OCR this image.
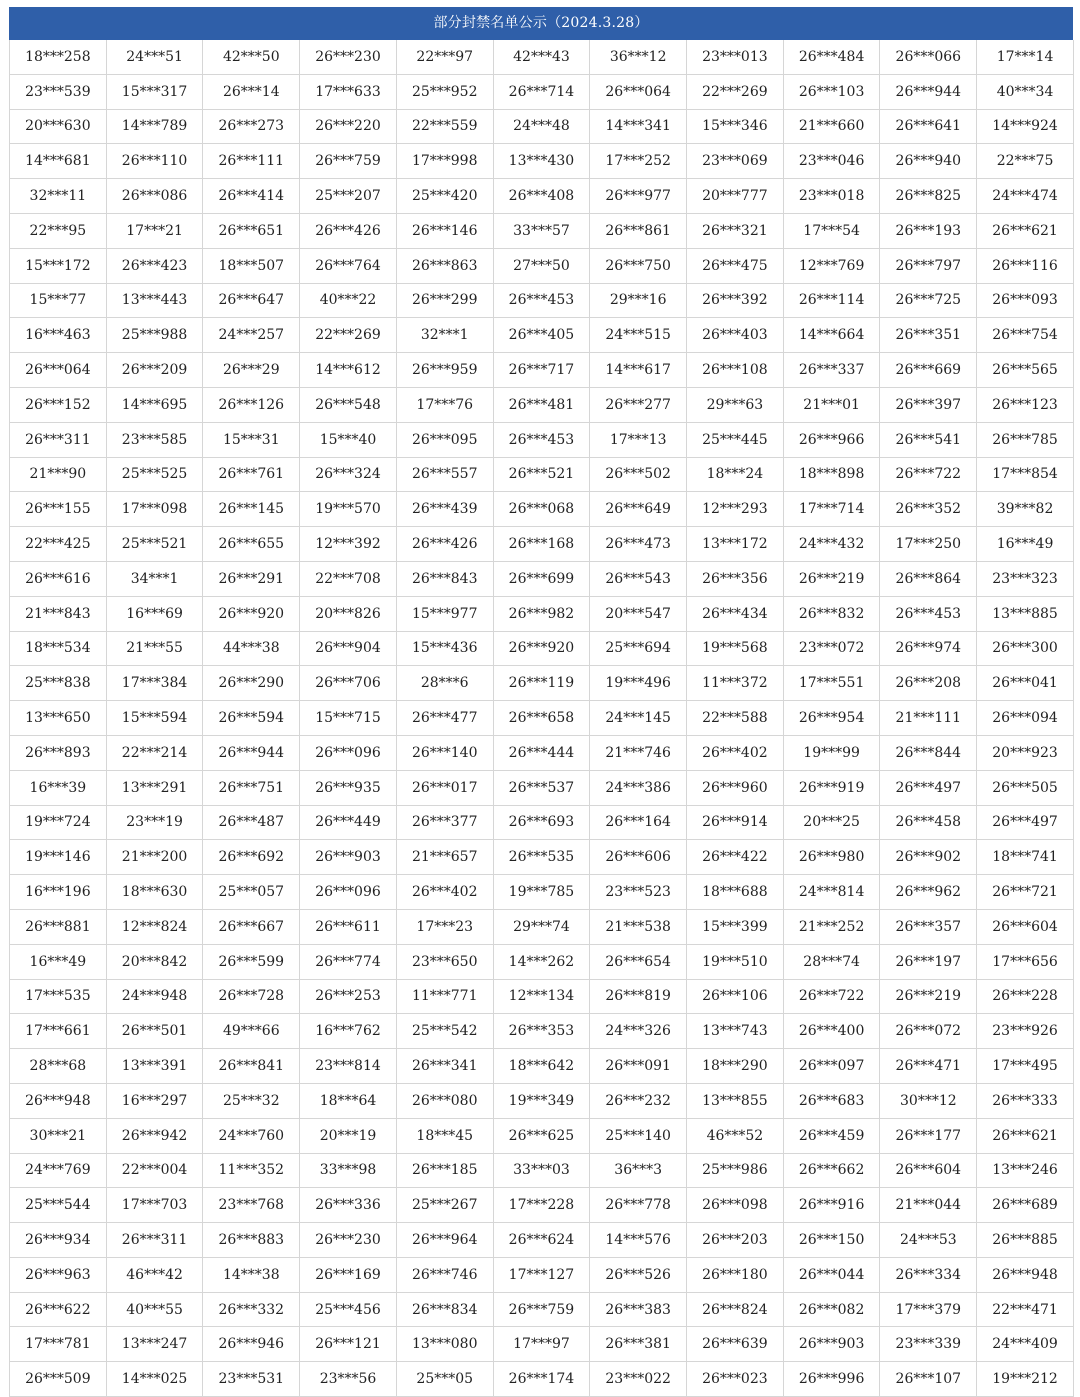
部分封禁名单公示（2024.3.28）
18***258	24***51	42***50	26***230	22***97	42***43	36***12	23***013	26***484	26***066	17***14
23***539	15***317	26***14	17***633	25***952	26***714	26***064	22***269	26***103	26***944	40***34
20***630	14***789	26***273	26***220	22***559	24***48	14***341	15***346	21***660	26***641	14***924
14***681	26***110	26***111	26***759	17***998	13***430	17***252	23***069	23***046	26***940	22***75
32***11	26***086	26***414	25***207	25***420	26***408	26***977	20***777	23***018	26***825	24***474
22***95	17***21	26***651	26***426	26***146	33***57	26***861	26***321	17***54	26***193	26***621
15***172	26***423	18***507	26***764	26***863	27***50	26***750	26***475	12***769	26***797	26***116
15***77	13***443	26***647	40***22	26***299	26***453	29***16	26***392	26***114	26***725	26***093
16***463	25***988	24***257	22***269	32***1	26***405	24***515	26***403	14***664	26***351	26***754
26***064	26***209	26***29	14***612	26***959	26***717	14***617	26***108	26***337	26***669	26***565
26***152	14***695	26***126	26***548	17***76	26***481	26***277	29***63	21***01	26***397	26***123
26***311	23***585	15***31	15***40	26***095	26***453	17***13	25***445	26***966	26***541	26***785
21***90	25***525	26***761	26***324	26***557	26***521	26***502	18***24	18***898	26***722	17***854
26***155	17***098	26***145	19***570	26***439	26***068	26***649	12***293	17***714	26***352	39***82
22***425	25***521	26***655	12***392	26***426	26***168	26***473	13***172	24***432	17***250	16***49
26***616	34***1	26***291	22***708	26***843	26***699	26***543	26***356	26***219	26***864	23***323
21***843	16***69	26***920	20***826	15***977	26***982	20***547	26***434	26***832	26***453	13***885
18***534	21***55	44***38	26***904	15***436	26***920	25***694	19***568	23***072	26***974	26***300
25***838	17***384	26***290	26***706	28***6	26***119	19***496	11***372	17***551	26***208	26***041
13***650	15***594	26***594	15***715	26***477	26***658	24***145	22***588	26***954	21***111	26***094
26***893	22***214	26***944	26***096	26***140	26***444	21***746	26***402	19***99	26***844	20***923
16***39	13***291	26***751	26***935	26***017	26***537	24***386	26***960	26***919	26***497	26***505
19***724	23***19	26***487	26***449	26***377	26***693	26***164	26***914	20***25	26***458	26***497
19***146	21***200	26***692	26***903	21***657	26***535	26***606	26***422	26***980	26***902	18***741
16***196	18***630	25***057	26***096	26***402	19***785	23***523	18***688	24***814	26***962	26***721
26***881	12***824	26***667	26***611	17***23	29***74	21***538	15***399	21***252	26***357	26***604
16***49	20***842	26***599	26***774	23***650	14***262	26***654	19***510	28***74	26***197	17***656
17***535	24***948	26***728	26***253	11***771	12***134	26***819	26***106	26***722	26***219	26***228
17***661	26***501	49***66	16***762	25***542	26***353	24***326	13***743	26***400	26***072	23***926
28***68	13***391	26***841	23***814	26***341	18***642	26***091	18***290	26***097	26***471	17***495
26***948	16***297	25***32	18***64	26***080	19***349	26***232	13***855	26***683	30***12	26***333
30***21	26***942	24***760	20***19	18***45	26***625	25***140	46***52	26***459	26***177	26***621
24***769	22***004	11***352	33***98	26***185	33***03	36***3	25***986	26***662	26***604	13***246
25***544	17***703	23***768	26***336	25***267	17***228	26***778	26***098	26***916	21***044	26***689
26***934	26***311	26***883	26***230	26***964	26***624	14***576	26***203	26***150	24***53	26***885
26***963	46***42	14***38	26***169	26***746	17***127	26***526	26***180	26***044	26***334	26***948
26***622	40***55	26***332	25***456	26***834	26***759	26***383	26***824	26***082	17***379	22***471
17***781	13***247	26***946	26***121	13***080	17***97	26***381	26***639	26***903	23***339	24***409
26***509	14***025	23***531	23***56	25***05	26***174	23***022	26***023	26***996	26***107	19***212
